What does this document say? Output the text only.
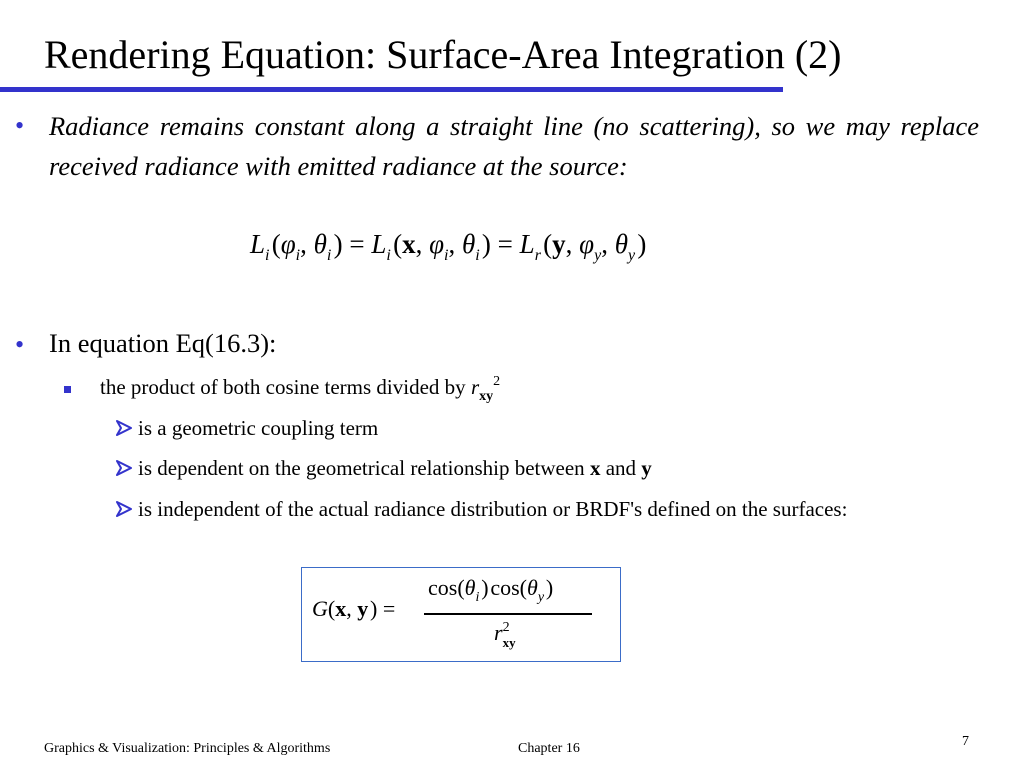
Rendering Equation: Surface-Area Integration (2)
• Radiance remains constant along a straight line (no scattering), so we may replace received radiance with emitted radiance at the source:
$L_i$ ($\varphi_i$, $\theta_i$ ) = $L_i$ (x, $\varphi_i$, $\theta_i$ ) = $L_r$ (y, $\varphi_y$, $\theta_y$ )
• In equation Eq(16.3):
the product of both cosine terms divided by $r_{xy}^2$
is a geometric coupling term
is dependent on the geometrical relationship between x and y
is independent of the actual radiance distribution or BRDF's defined on the surfaces:
G(x, y ) =
$\cos(\theta_i$ ) $\cos(\theta_y$ )
$r^2_{xy}$
Graphics & Visualization: Principles & Algorithms	Chapter 16	7
